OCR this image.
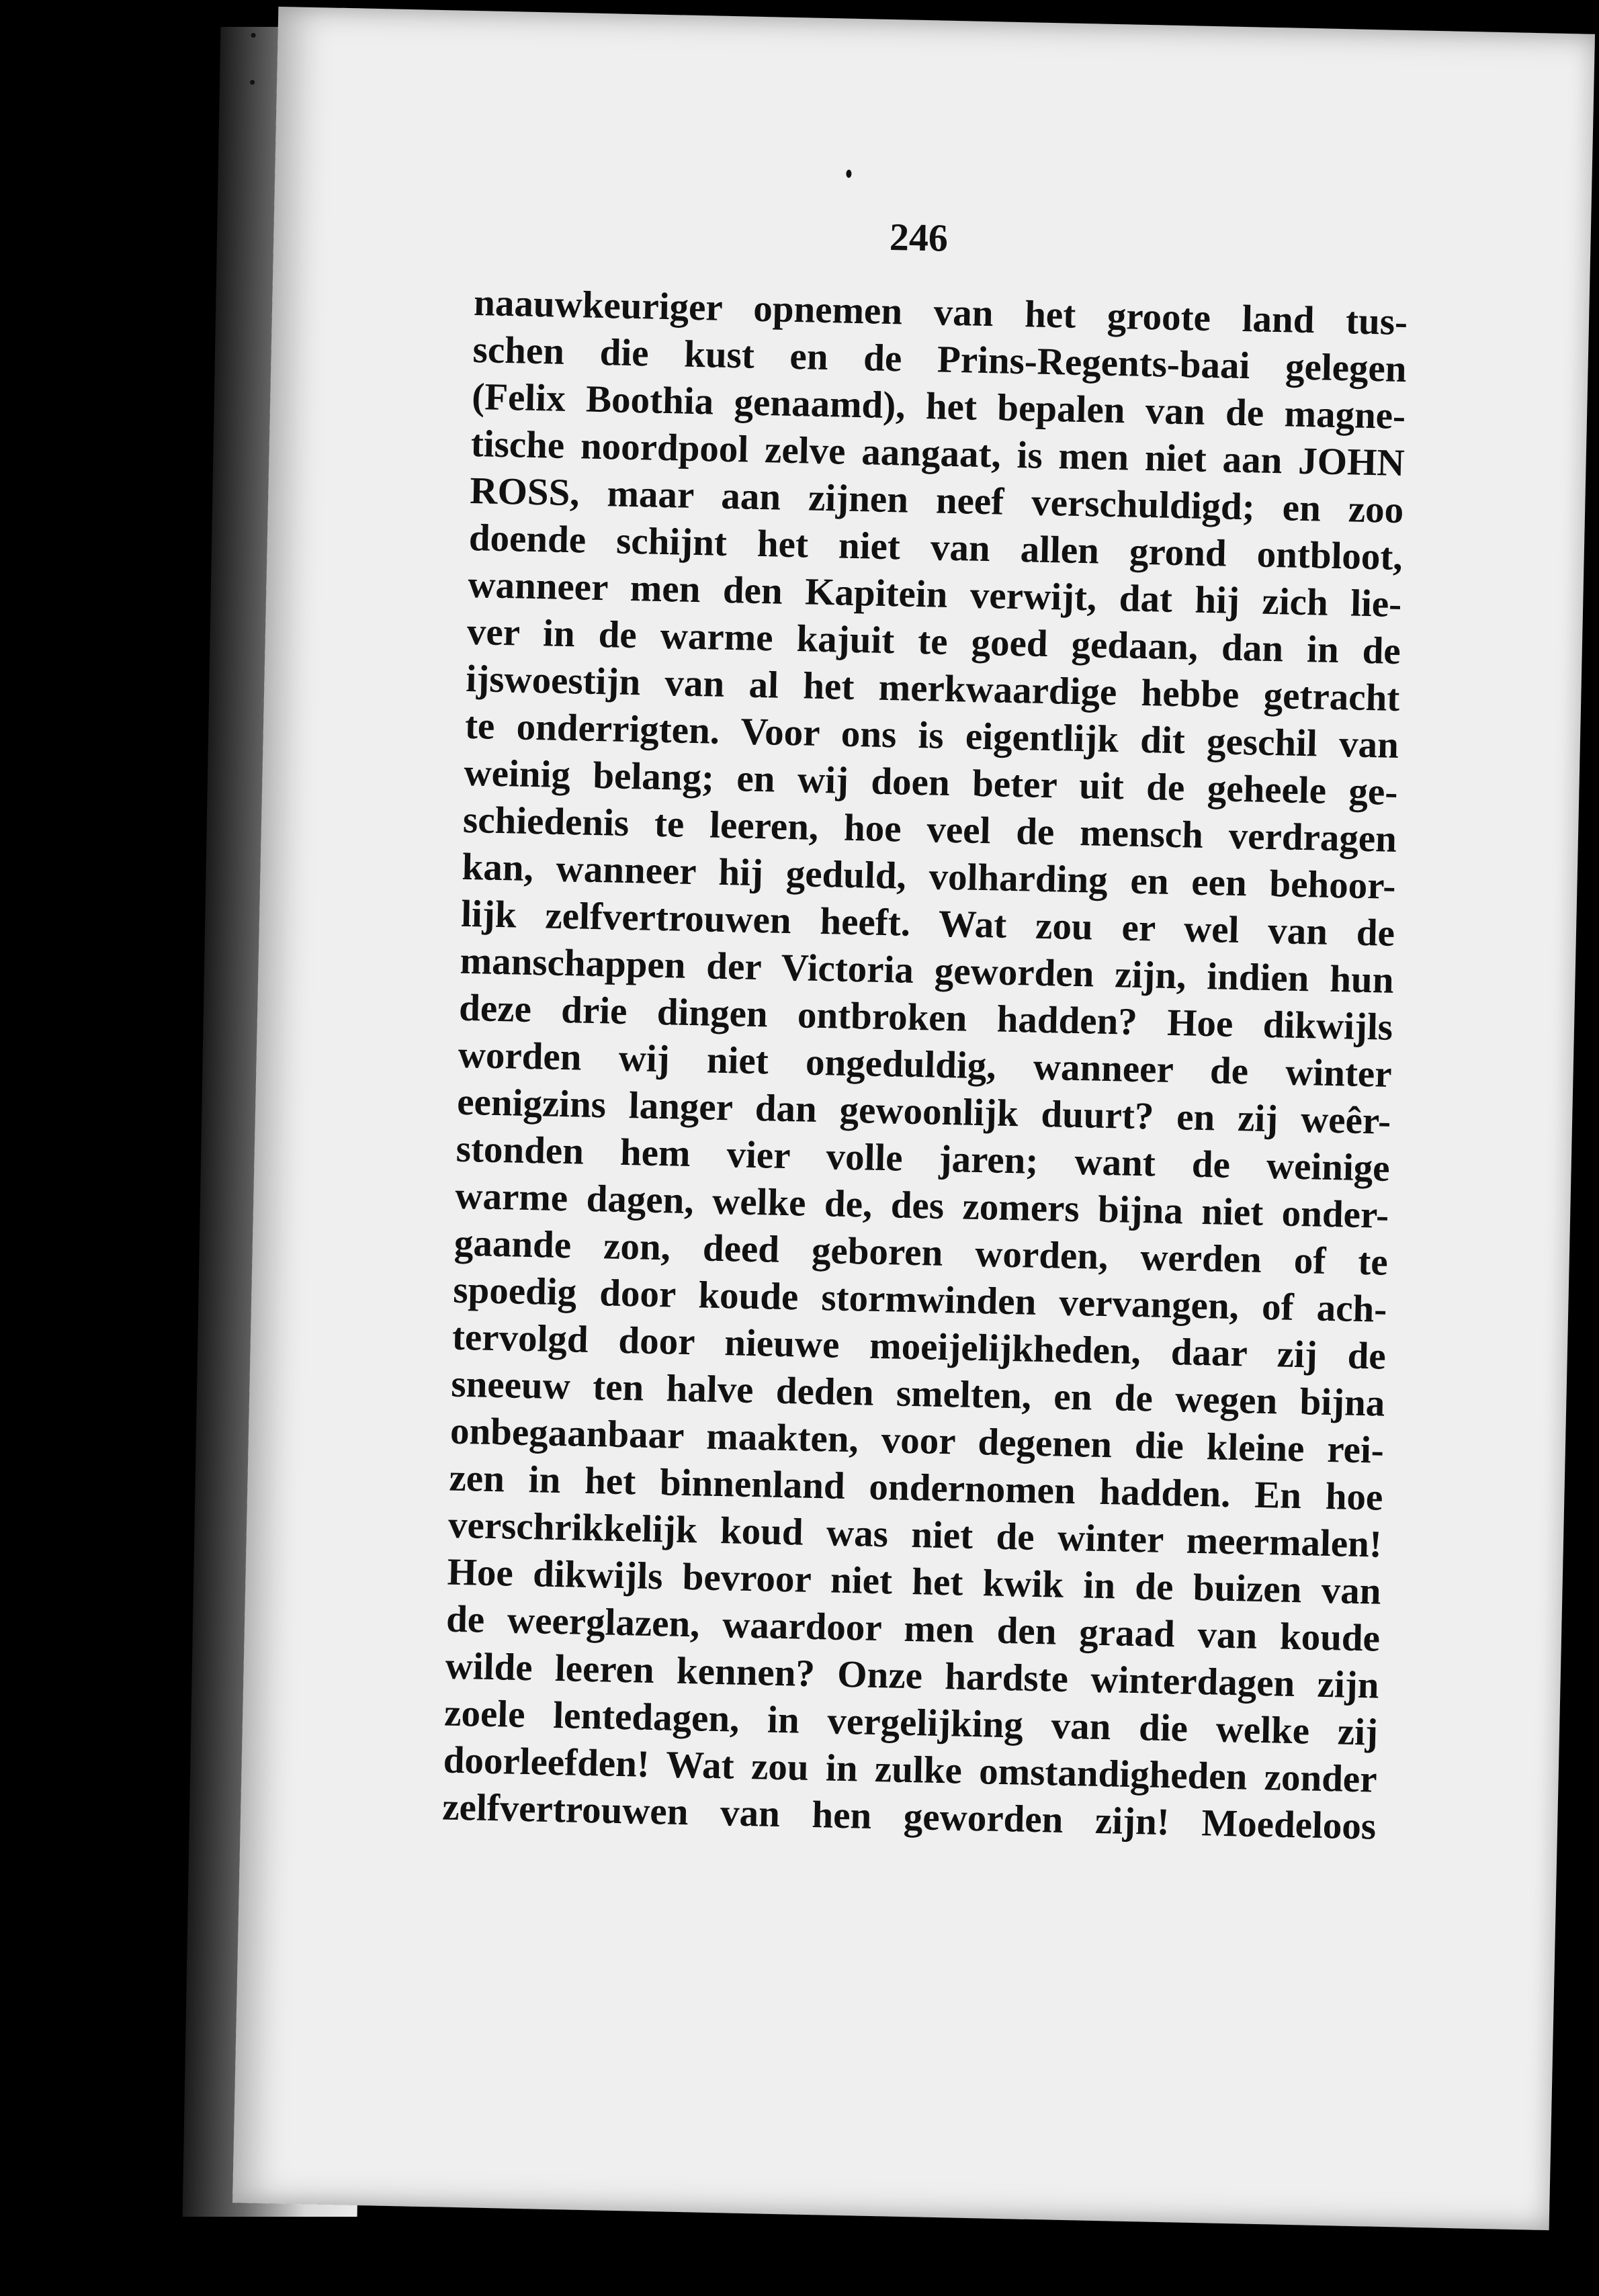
246
naauwkeuriger opnemen van het groote land tus-
schen die kust en de Prins-Regents-baai gelegen
(Felix Boothia genaamd), het bepalen van de magne-
tische noordpool zelve aangaat, is men niet aan JOHN
ROSS, maar aan zijnen neef verschuldigd; en zoo
doende schijnt het niet van allen grond ontbloot,
wanneer men den Kapitein verwijt, dat hij zich lie-
ver in de warme kajuit te goed gedaan, dan in de
ijswoestijn van al het merkwaardige hebbe getracht
te onderrigten. Voor ons is eigentlijk dit geschil van
weinig belang; en wij doen beter uit de geheele ge-
schiedenis te leeren, hoe veel de mensch verdragen
kan, wanneer hij geduld, volharding en een behoor-
lijk zelfvertrouwen heeft. Wat zou er wel van de
manschappen der Victoria geworden zijn, indien hun
deze drie dingen ontbroken hadden? Hoe dikwijls
worden wij niet ongeduldig, wanneer de winter
eenigzins langer dan gewoonlijk duurt? en zij weêr-
stonden hem vier volle jaren; want de weinige
warme dagen, welke de, des zomers bijna niet onder-
gaande zon, deed geboren worden, werden of te
spoedig door koude stormwinden vervangen, of ach-
tervolgd door nieuwe moeijelijkheden, daar zij de
sneeuw ten halve deden smelten, en de wegen bijna
onbegaanbaar maakten, voor degenen die kleine rei-
zen in het binnenland ondernomen hadden. En hoe
verschrikkelijk koud was niet de winter meermalen!
Hoe dikwijls bevroor niet het kwik in de buizen van
de weerglazen, waardoor men den graad van koude
wilde leeren kennen? Onze hardste winterdagen zijn
zoele lentedagen, in vergelijking van die welke zij
doorleefden! Wat zou in zulke omstandigheden zonder
zelfvertrouwen van hen geworden zijn! Moedeloos
